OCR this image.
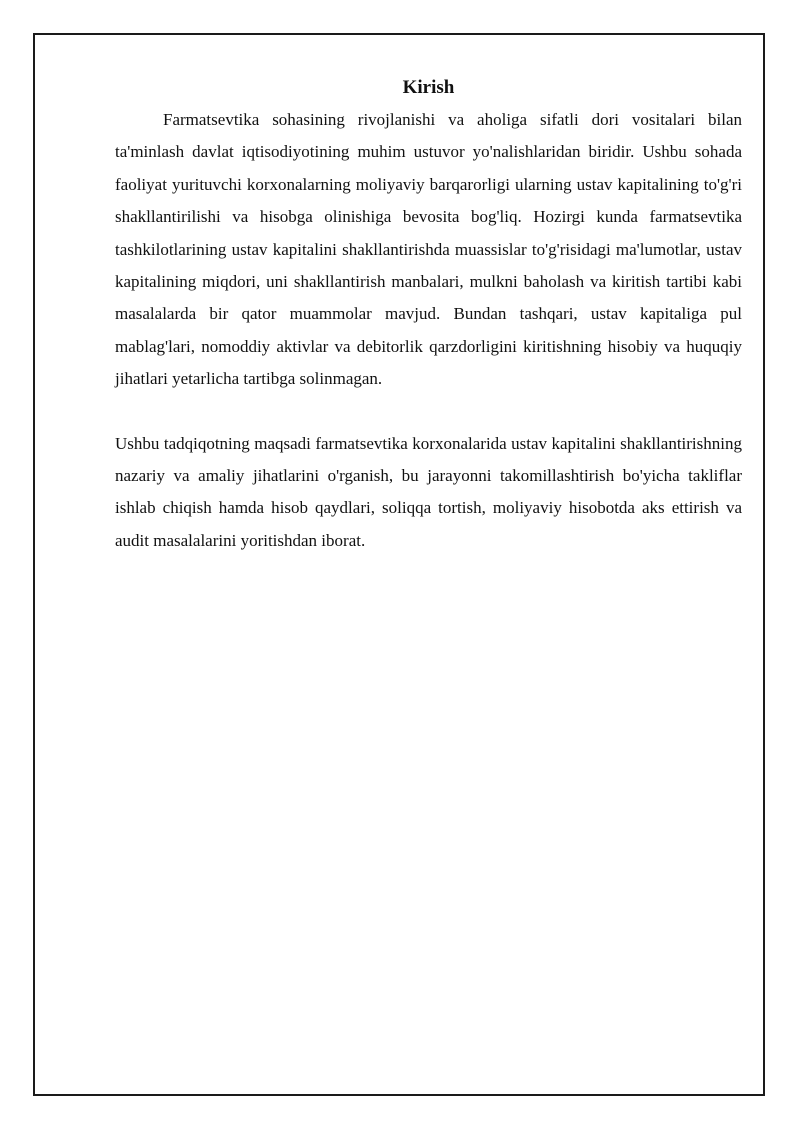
Kirish

Farmatsevtika sohasining rivojlanishi va aholiga sifatli dori vositalari bilan ta'minlash davlat iqtisodiyotining muhim ustuvor yo'nalishlaridan biridir. Ushbu sohada faoliyat yurituvchi korxonalarning moliyaviy barqarorligi ularning ustav kapitalining to'g'ri shakllantirilishi va hisobga olinishiga bevosita bog'liq. Hozirgi kunda farmatsevtika tashkilotlarining ustav kapitalini shakllantirishda muassislar to'g'risidagi ma'lumotlar, ustav kapitalining miqdori, uni shakllantirish manbalari, mulkni baholash va kiritish tartibi kabi masalalarda bir qator muammolar mavjud. Bundan tashqari, ustav kapitaliga pul mablag'lari, nomoddiy aktivlar va debitorlik qarzdorligini kiritishning hisobiy va huquqiy jihatlari yetarlicha tartibga solinmagan.

Ushbu tadqiqotning maqsadi farmatsevtika korxonalarida ustav kapitalini shakllantirishning nazariy va amaliy jihatlarini o'rganish, bu jarayonni takomillashtirish bo'yicha takliflar ishlab chiqish hamda hisob qaydlari, soliqqa tortish, moliyaviy hisobotda aks ettirish va audit masalalarini yoritishdan iborat.
